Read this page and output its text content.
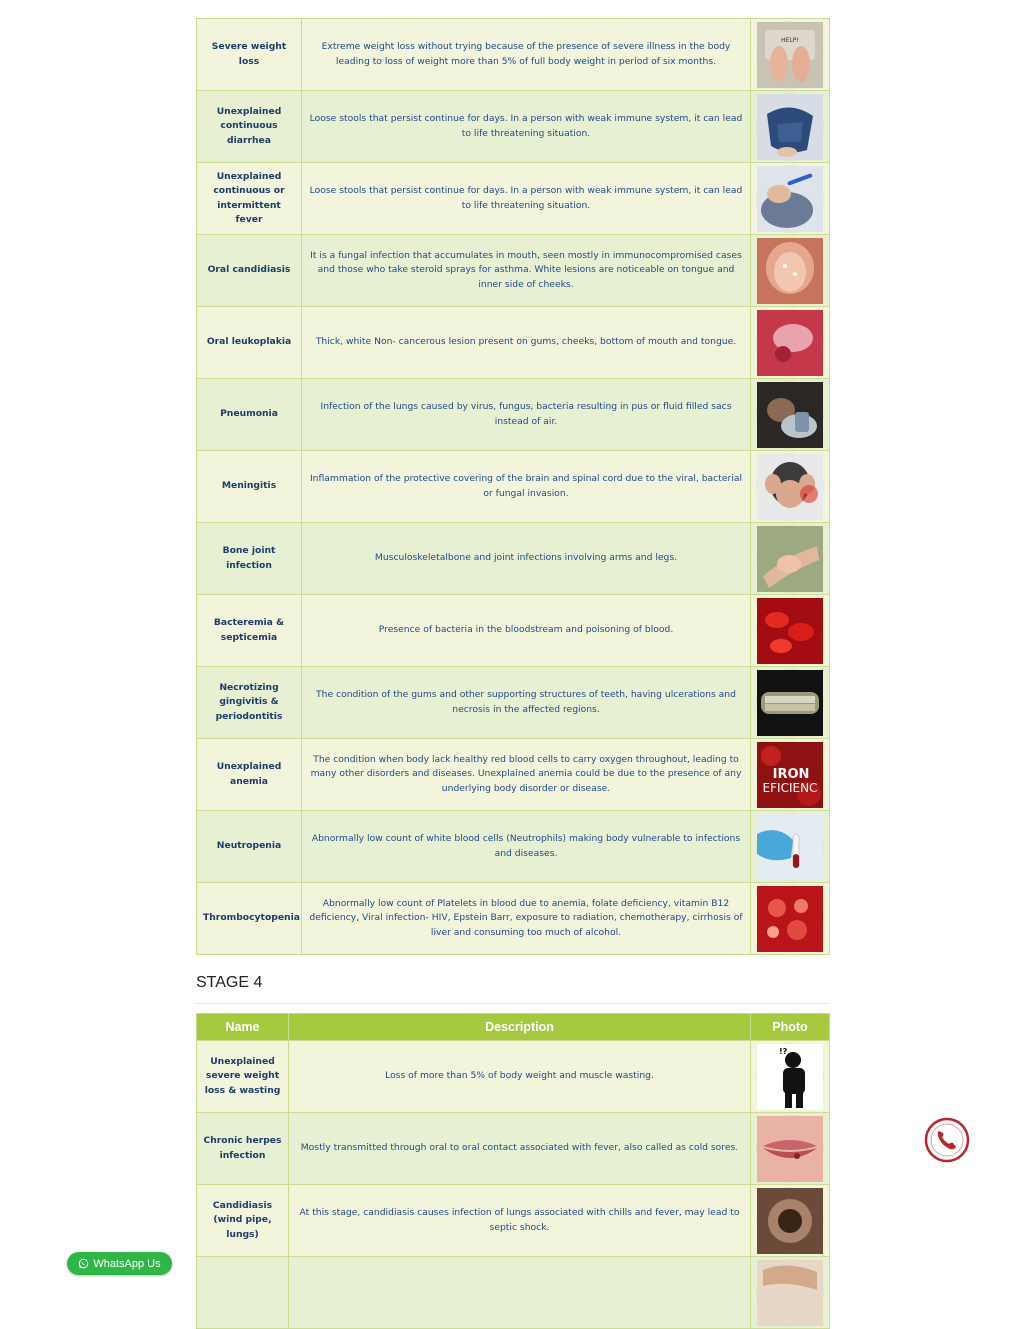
Severe weight loss	Extreme weight loss without trying because of the presence of severe illness in the body leading to loss of weight more than 5% of full body weight in period of six months.	HELP!

Unexplained continuous diarrhea	Loose stools that persist continue for days. In a person with weak immune system, it can lead to life threatening situation.	

Unexplained continuous or intermittent fever	Loose stools that persist continue for days. In a person with weak immune system, it can lead to life threatening situation.	

Oral candidiasis	It is a fungal infection that accumulates in mouth, seen mostly in immunocompromised cases and those who take steroid sprays for asthma. White lesions are noticeable on tongue and inner side of cheeks.	

Oral leukoplakia	Thick, white Non- cancerous lesion present on gums, cheeks, bottom of mouth and tongue.	

Pneumonia	Infection of the lungs caused by virus, fungus, bacteria resulting in pus or fluid filled sacs instead of air.	

Meningitis	Inflammation of the protective covering of the brain and spinal cord due to the viral, bacterial or fungal invasion.	

Bone joint infection	Musculoskeletalbone and joint infections involving arms and legs.	

Bacteremia & septicemia	Presence of bacteria in the bloodstream and poisoning of blood.	

Necrotizing gingivitis & periodontitis	The condition of the gums and other supporting structures of teeth, having ulcerations and necrosis in the affected regions.	

Unexplained anemia	The condition when body lack healthy red blood cells to carry oxygen throughout, leading to many other disorders and diseases. Unexplained anemia could be due to the presence of any underlying body disorder or disease.	IRON
EFICIENC

Neutropenia	Abnormally low count of white blood cells (Neutrophils) making body vulnerable to infections and diseases.	

Thrombocytopenia	Abnormally low count of Platelets in blood due to anemia, folate deficiency, vitamin B12 deficiency, Viral infection- HIV, Epstein Barr, exposure to radiation, chemotherapy, cirrhosis of liver and consuming too much of alcohol.	
STAGE 4
Name	Description	Photo
Unexplained severe weight loss & wasting	Loss of more than 5% of body weight and muscle wasting.	!?

Chronic herpes infection	Mostly transmitted through oral to oral contact associated with fever, also called as cold sores.	

Candidiasis (wind pipe, lungs)	At this stage, candidiasis causes infection of lungs associated with chills and fever, may lead to septic shock.	

WhatsApp Us
